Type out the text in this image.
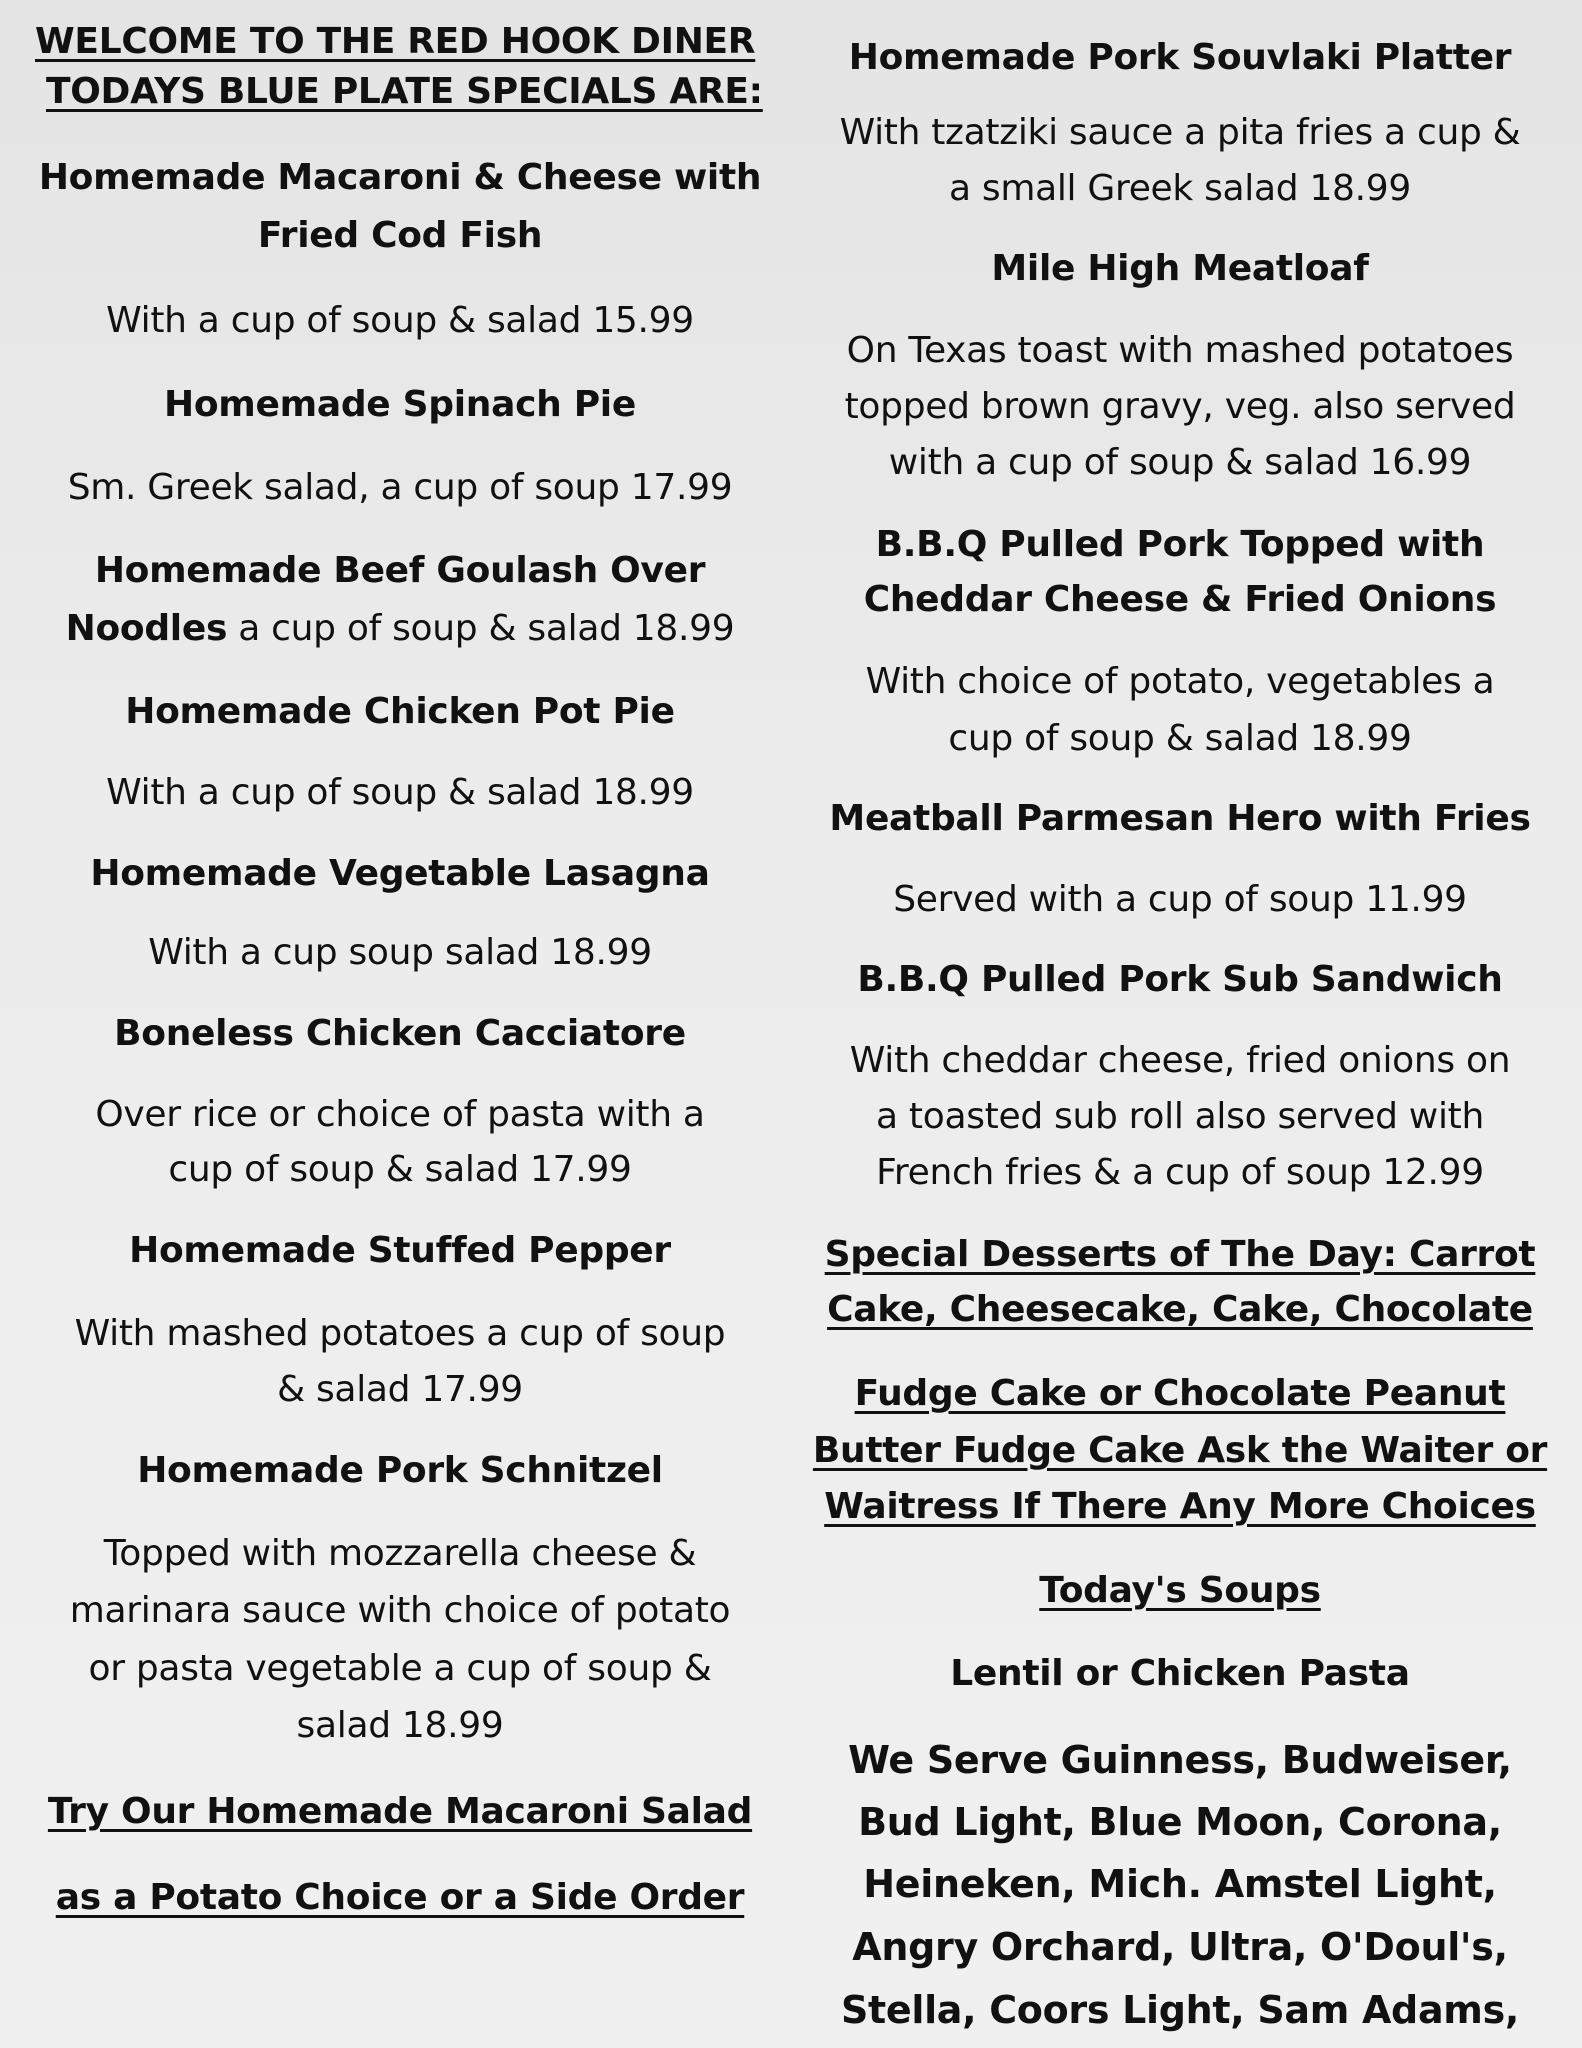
WELCOME TO THE RED HOOK DINER
TODAYS BLUE PLATE SPECIALS ARE:
Homemade Macaroni & Cheese with
Fried Cod Fish
With a cup of soup & salad 15.99
Homemade Spinach Pie
Sm. Greek salad, a cup of soup 17.99
Homemade Beef Goulash Over
Noodles a cup of soup & salad 18.99
Homemade Chicken Pot Pie
With a cup of soup & salad 18.99
Homemade Vegetable Lasagna
With a cup soup salad 18.99
Boneless Chicken Cacciatore
Over rice or choice of pasta with a
cup of soup & salad 17.99
Homemade Stuffed Pepper
With mashed potatoes a cup of soup
& salad 17.99
Homemade Pork Schnitzel
Topped with mozzarella cheese &
marinara sauce with choice of potato
or pasta vegetable a cup of soup &
salad 18.99
Try Our Homemade Macaroni Salad
as a Potato Choice or a Side Order
Homemade Pork Souvlaki Platter
With tzatziki sauce a pita fries a cup &
a small Greek salad 18.99
Mile High Meatloaf
On Texas toast with mashed potatoes
topped brown gravy, veg. also served
with a cup of soup & salad 16.99
B.B.Q Pulled Pork Topped with
Cheddar Cheese & Fried Onions
With choice of potato, vegetables a
cup of soup & salad 18.99
Meatball Parmesan Hero with Fries
Served with a cup of soup 11.99
B.B.Q Pulled Pork Sub Sandwich
With cheddar cheese, fried onions on
a toasted sub roll also served with
French fries & a cup of soup 12.99
Special Desserts of The Day: Carrot
Cake, Cheesecake, Cake, Chocolate
Fudge Cake or Chocolate Peanut
Butter Fudge Cake Ask the Waiter or
Waitress If There Any More Choices
Today's Soups
Lentil or Chicken Pasta
We Serve Guinness, Budweiser,
Bud Light, Blue Moon, Corona,
Heineken, Mich. Amstel Light,
Angry Orchard, Ultra, O'Doul's,
Stella, Coors Light, Sam Adams,
